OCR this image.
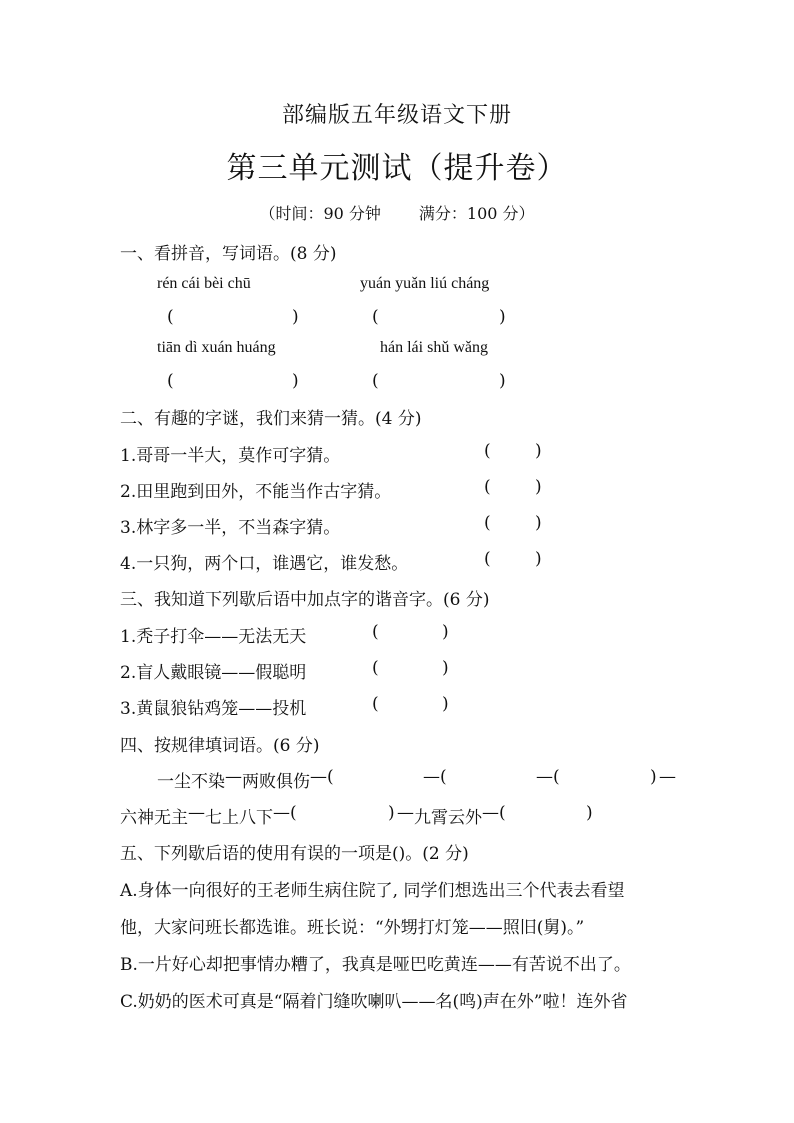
部编版五年级语文下册
第三单元测试（提升卷）
（时间：90 分钟 满分：100 分）
一、看拼音，写词语。(8 分)
rén cái bèi chū	yuán yuǎn liú cháng
(	)	(	)
tiān dì xuán huáng	hán lái shǔ wǎng
(	)	(	)
二、有趣的字谜，我们来猜一猜。(4 分)
1.哥哥一半大，莫作可字猜。	(	)
2.田里跑到田外，不能当作古字猜。	(	)
3.林字多一半，不当森字猜。	(	)
4.一只狗，两个口，谁遇它，谁发愁。	(	)
三、我知道下列歇后语中加点字的谐音字。(6 分)
1.秃子打伞——无法无天	(	)
2.盲人戴眼镜——假聪明	(	)
3.黄鼠狼钻鸡笼——投机	(	)
四、按规律填词语。(6 分)
一尘不染 — 两败俱伤 —(	—(	—(	) —
六神无主 — 七上八下 —(	) — 九霄云外 —(	)
五、下列歇后语的使用有误的一项是()。(2 分)
A.身体一向很好的王老师生病住院了, 同学们想选出三个代表去看望
他，大家问班长都选谁。班长说：“外甥打灯笼——照旧(舅)。”
B.一片好心却把事情办糟了，我真是哑巴吃黄连——有苦说不出了。
C.奶奶的医术可真是“隔着门缝吹喇叭——名(鸣)声在外”啦！连外省
